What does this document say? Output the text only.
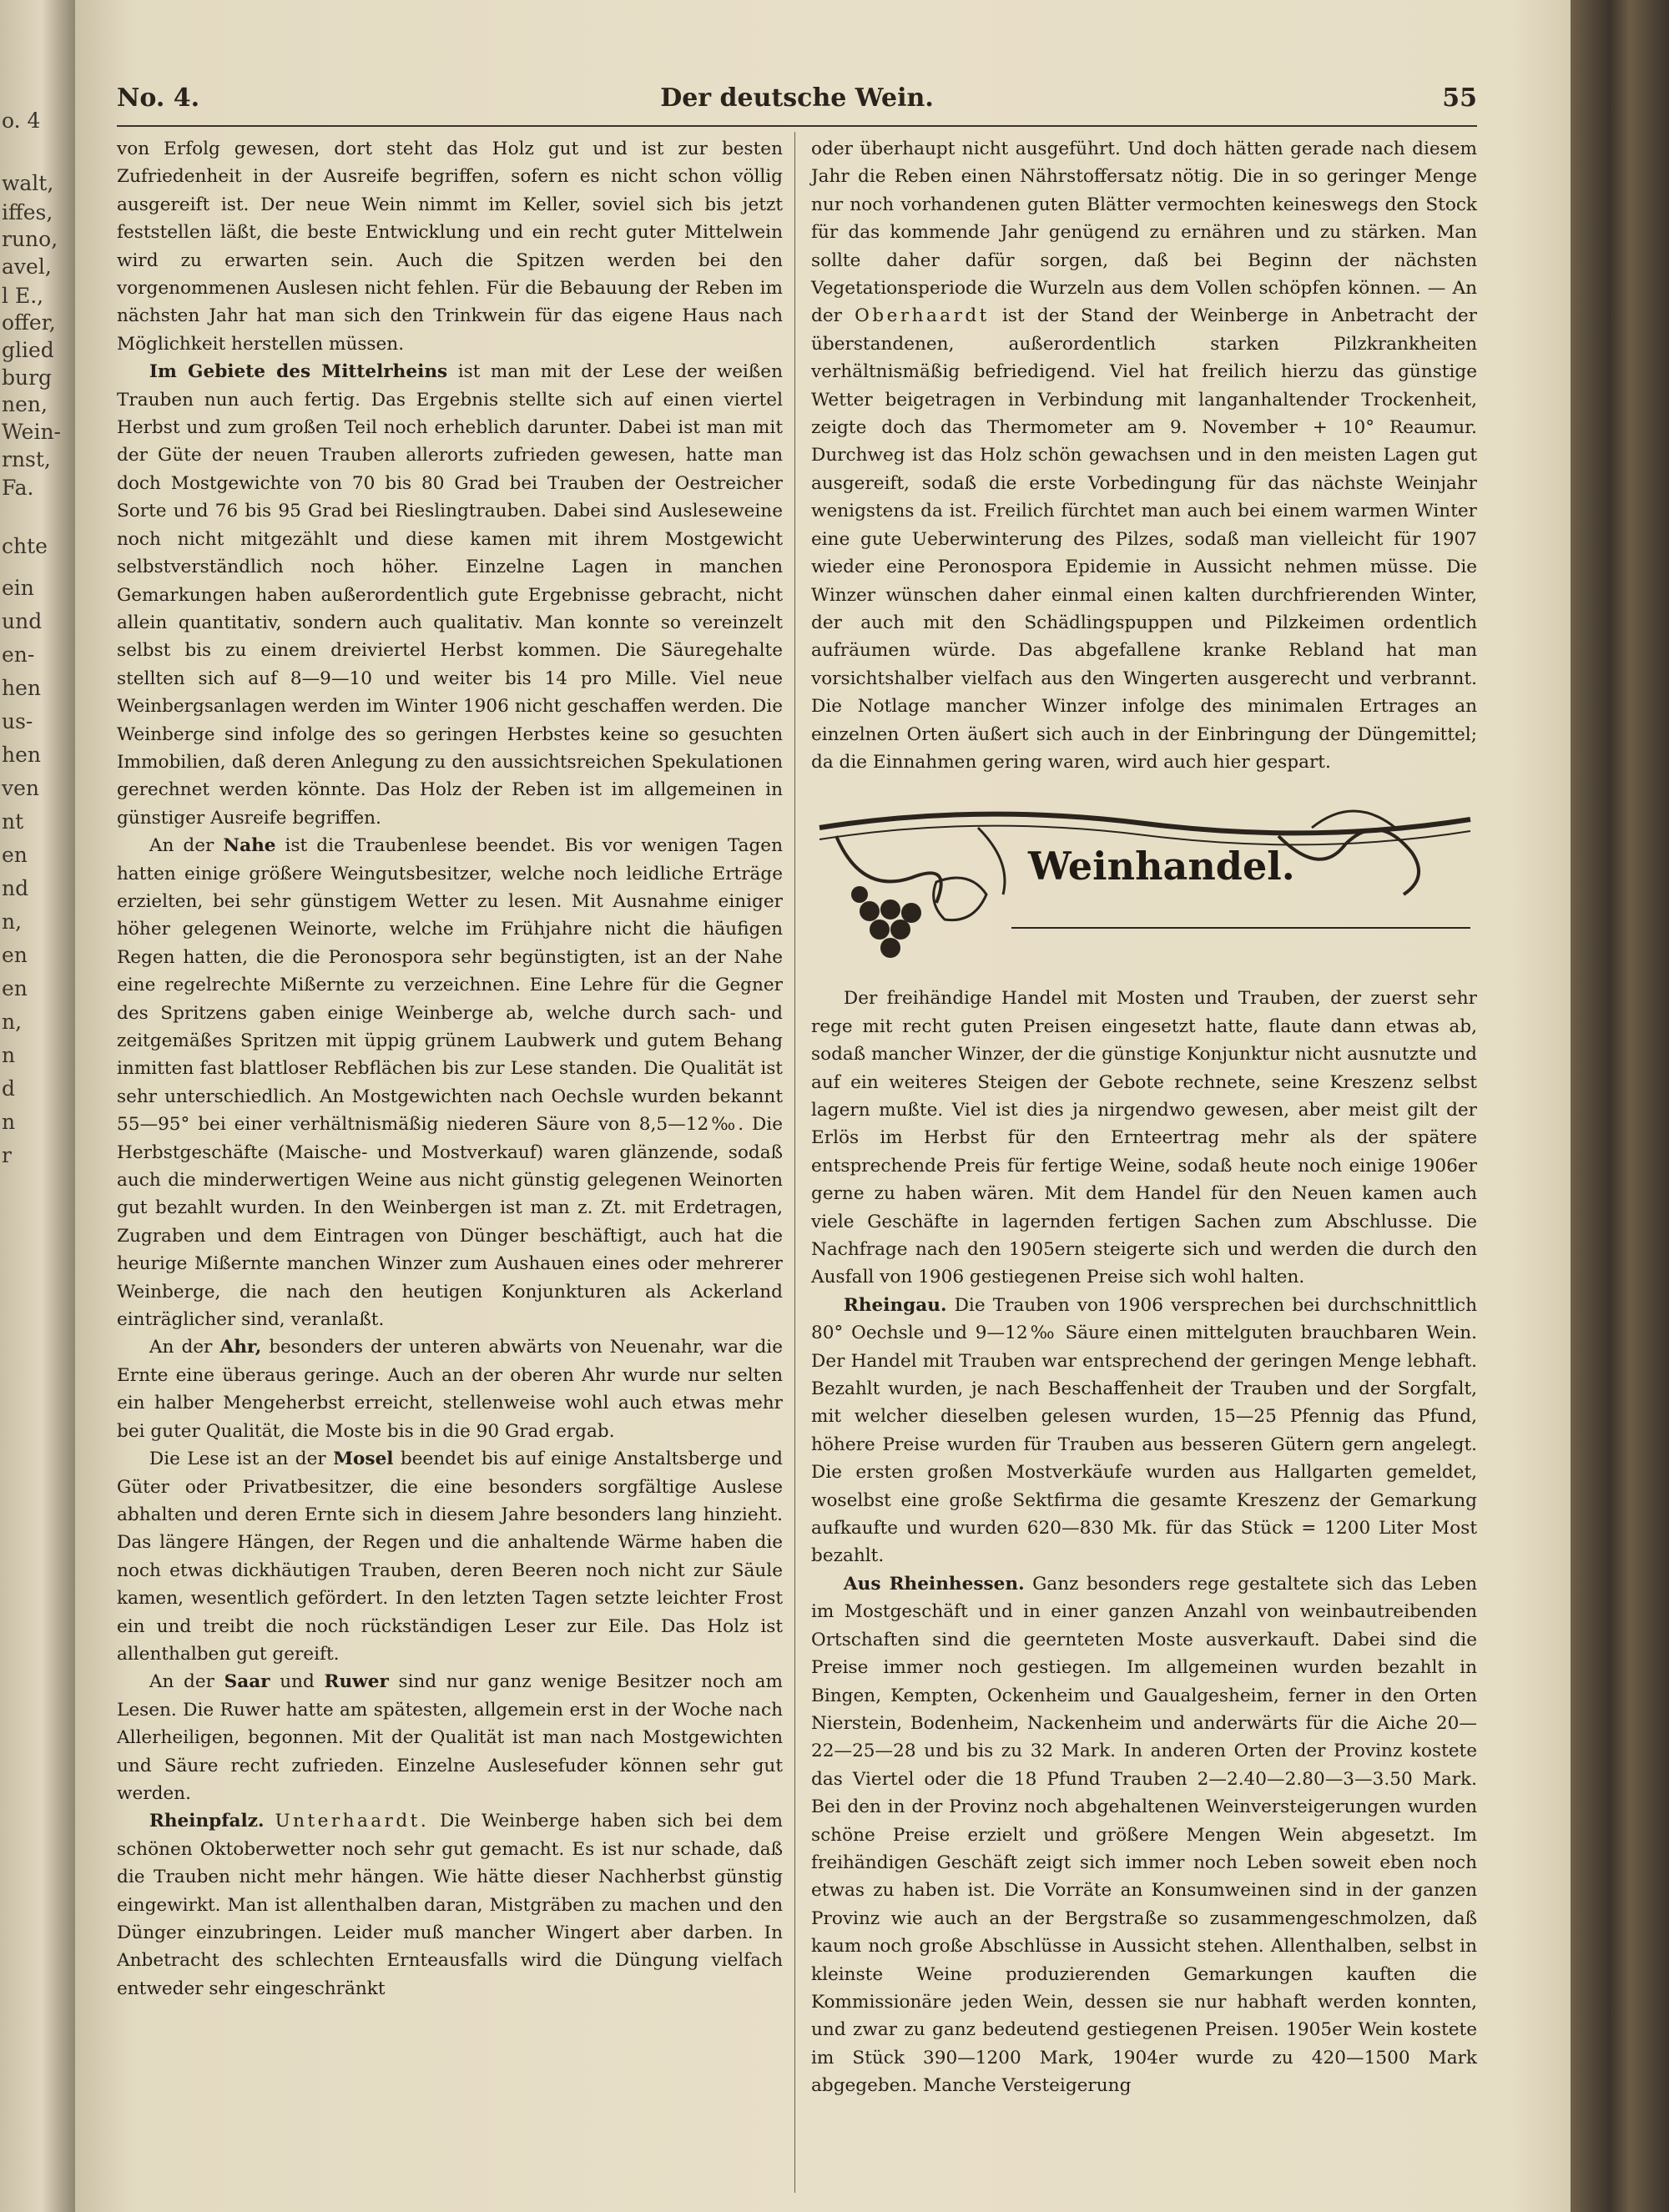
o. 4
walt,
iffes,
runo,
avel,
l E.,
offer,
glied
burg
nen,
Wein-
rnst,
Fa.
chte
ein
und
en-
hen
us-
hen
ven
nt
en
nd
n,
en
en
n,
n
d
n
r
No. 4.	Der deutsche Wein.	55

von Erfolg gewesen, dort steht das Holz gut und ist zur besten Zufriedenheit in der Ausreife begriffen, sofern es nicht schon völlig ausgereift ist. Der neue Wein nimmt im Keller, soviel sich bis jetzt feststellen läßt, die beste Entwicklung und ein recht guter Mittelwein wird zu erwarten sein. Auch die Spitzen werden bei den vorgenommenen Auslesen nicht fehlen. Für die Bebauung der Reben im nächsten Jahr hat man sich den Trinkwein für das eigene Haus nach Möglichkeit herstellen müssen.

Im Gebiete des Mittelrheins ist man mit der Lese der weißen Trauben nun auch fertig. Das Ergebnis stellte sich auf einen viertel Herbst und zum großen Teil noch erheblich darunter. Dabei ist man mit der Güte der neuen Trauben allerorts zufrieden gewesen, hatte man doch Mostgewichte von 70 bis 80 Grad bei Trauben der Oestreicher Sorte und 76 bis 95 Grad bei Rieslingtrauben. Dabei sind Ausleseweine noch nicht mitgezählt und diese kamen mit ihrem Mostgewicht selbstverständlich noch höher. Einzelne Lagen in manchen Gemarkungen haben außerordentlich gute Ergebnisse gebracht, nicht allein quantitativ, sondern auch qualitativ. Man konnte so vereinzelt selbst bis zu einem dreiviertel Herbst kommen. Die Säuregehalte stellten sich auf 8—9—10 und weiter bis 14 pro Mille. Viel neue Weinbergsanlagen werden im Winter 1906 nicht geschaffen werden. Die Weinberge sind infolge des so geringen Herbstes keine so gesuchten Immobilien, daß deren Anlegung zu den aussichtsreichen Spekulationen gerechnet werden könnte. Das Holz der Reben ist im allgemeinen in günstiger Ausreife begriffen.

An der Nahe ist die Traubenlese beendet. Bis vor wenigen Tagen hatten einige größere Weingutsbesitzer, welche noch leidliche Erträge erzielten, bei sehr günstigem Wetter zu lesen. Mit Ausnahme einiger höher gelegenen Weinorte, welche im Frühjahre nicht die häufigen Regen hatten, die die Peronospora sehr begünstigten, ist an der Nahe eine regelrechte Mißernte zu verzeichnen. Eine Lehre für die Gegner des Spritzens gaben einige Weinberge ab, welche durch sach- und zeitgemäßes Spritzen mit üppig grünem Laubwerk und gutem Behang inmitten fast blattloser Rebflächen bis zur Lese standen. Die Qualität ist sehr unterschiedlich. An Mostgewichten nach Oechsle wurden bekannt 55—95° bei einer verhältnismäßig niederen Säure von 8,5—12‰. Die Herbstgeschäfte (Maische- und Mostverkauf) waren glänzende, sodaß auch die minderwertigen Weine aus nicht günstig gelegenen Weinorten gut bezahlt wurden. In den Weinbergen ist man z. Zt. mit Erdetragen, Zugraben und dem Eintragen von Dünger beschäftigt, auch hat die heurige Mißernte manchen Winzer zum Aushauen eines oder mehrerer Weinberge, die nach den heutigen Konjunkturen als Ackerland einträglicher sind, veranlaßt.

An der Ahr, besonders der unteren abwärts von Neuenahr, war die Ernte eine überaus geringe. Auch an der oberen Ahr wurde nur selten ein halber Mengeherbst erreicht, stellenweise wohl auch etwas mehr bei guter Qualität, die Moste bis in die 90 Grad ergab.

Die Lese ist an der Mosel beendet bis auf einige Anstaltsberge und Güter oder Privatbesitzer, die eine besonders sorgfältige Auslese abhalten und deren Ernte sich in diesem Jahre besonders lang hinzieht. Das längere Hängen, der Regen und die anhaltende Wärme haben die noch etwas dickhäutigen Trauben, deren Beeren noch nicht zur Säule kamen, wesentlich gefördert. In den letzten Tagen setzte leichter Frost ein und treibt die noch rückständigen Leser zur Eile. Das Holz ist allenthalben gut gereift.

An der Saar und Ruwer sind nur ganz wenige Besitzer noch am Lesen. Die Ruwer hatte am spätesten, allgemein erst in der Woche nach Allerheiligen, begonnen. Mit der Qualität ist man nach Mostgewichten und Säure recht zufrieden. Einzelne Auslesefuder können sehr gut werden.

Rheinpfalz. Unterhaardt. Die Weinberge haben sich bei dem schönen Oktoberwetter noch sehr gut gemacht. Es ist nur schade, daß die Trauben nicht mehr hängen. Wie hätte dieser Nachherbst günstig eingewirkt. Man ist allenthalben daran, Mistgräben zu machen und den Dünger einzubringen. Leider muß mancher Wingert aber darben. In Anbetracht des schlechten Ernteausfalls wird die Düngung vielfach entweder sehr eingeschränkt

oder überhaupt nicht ausgeführt. Und doch hätten gerade nach diesem Jahr die Reben einen Nährstoffersatz nötig. Die in so geringer Menge nur noch vorhandenen guten Blätter vermochten keineswegs den Stock für das kommende Jahr genügend zu ernähren und zu stärken. Man sollte daher dafür sorgen, daß bei Beginn der nächsten Vegetationsperiode die Wurzeln aus dem Vollen schöpfen können. — An der Oberhaardt ist der Stand der Weinberge in Anbetracht der überstandenen, außerordentlich starken Pilzkrankheiten verhältnismäßig befriedigend. Viel hat freilich hierzu das günstige Wetter beigetragen in Verbindung mit langanhaltender Trockenheit, zeigte doch das Thermometer am 9. November + 10° Reaumur. Durchweg ist das Holz schön gewachsen und in den meisten Lagen gut ausgereift, sodaß die erste Vorbedingung für das nächste Weinjahr wenigstens da ist. Freilich fürchtet man auch bei einem warmen Winter eine gute Ueberwinterung des Pilzes, sodaß man vielleicht für 1907 wieder eine Peronospora Epidemie in Aussicht nehmen müsse. Die Winzer wünschen daher einmal einen kalten durchfrierenden Winter, der auch mit den Schädlingspuppen und Pilzkeimen ordentlich aufräumen würde. Das abgefallene kranke Rebland hat man vorsichtshalber vielfach aus den Wingerten ausgerecht und verbrannt. Die Notlage mancher Winzer infolge des minimalen Ertrages an einzelnen Orten äußert sich auch in der Einbringung der Düngemittel; da die Einnahmen gering waren, wird auch hier gespart.

Weinhandel.

Der freihändige Handel mit Mosten und Trauben, der zuerst sehr rege mit recht guten Preisen eingesetzt hatte, flaute dann etwas ab, sodaß mancher Winzer, der die günstige Konjunktur nicht ausnutzte und auf ein weiteres Steigen der Gebote rechnete, seine Kreszenz selbst lagern mußte. Viel ist dies ja nirgendwo gewesen, aber meist gilt der Erlös im Herbst für den Ernteertrag mehr als der spätere entsprechende Preis für fertige Weine, sodaß heute noch einige 1906er gerne zu haben wären. Mit dem Handel für den Neuen kamen auch viele Geschäfte in lagernden fertigen Sachen zum Abschlusse. Die Nachfrage nach den 1905ern steigerte sich und werden die durch den Ausfall von 1906 gestiegenen Preise sich wohl halten.

Rheingau. Die Trauben von 1906 versprechen bei durchschnittlich 80° Oechsle und 9—12‰ Säure einen mittelguten brauchbaren Wein. Der Handel mit Trauben war entsprechend der geringen Menge lebhaft. Bezahlt wurden, je nach Beschaffenheit der Trauben und der Sorgfalt, mit welcher dieselben gelesen wurden, 15—25 Pfennig das Pfund, höhere Preise wurden für Trauben aus besseren Gütern gern angelegt. Die ersten großen Mostverkäufe wurden aus Hallgarten gemeldet, woselbst eine große Sektfirma die gesamte Kreszenz der Gemarkung aufkaufte und wurden 620—830 Mk. für das Stück = 1200 Liter Most bezahlt.

Aus Rheinhessen. Ganz besonders rege gestaltete sich das Leben im Mostgeschäft und in einer ganzen Anzahl von weinbautreibenden Ortschaften sind die geernteten Moste ausverkauft. Dabei sind die Preise immer noch gestiegen. Im allgemeinen wurden bezahlt in Bingen, Kempten, Ockenheim und Gaualgesheim, ferner in den Orten Nierstein, Bodenheim, Nackenheim und anderwärts für die Aiche 20—22—25—28 und bis zu 32 Mark. In anderen Orten der Provinz kostete das Viertel oder die 18 Pfund Trauben 2—2.40—2.80—3—3.50 Mark. Bei den in der Provinz noch abgehaltenen Weinversteigerungen wurden schöne Preise erzielt und größere Mengen Wein abgesetzt. Im freihändigen Geschäft zeigt sich immer noch Leben soweit eben noch etwas zu haben ist. Die Vorräte an Konsumweinen sind in der ganzen Provinz wie auch an der Bergstraße so zusammengeschmolzen, daß kaum noch große Abschlüsse in Aussicht stehen. Allenthalben, selbst in kleinste Weine produzierenden Gemarkungen kauften die Kommissionäre jeden Wein, dessen sie nur habhaft werden konnten, und zwar zu ganz bedeutend gestiegenen Preisen. 1905er Wein kostete im Stück 390—1200 Mark, 1904er wurde zu 420—1500 Mark abgegeben. Manche Versteigerung
